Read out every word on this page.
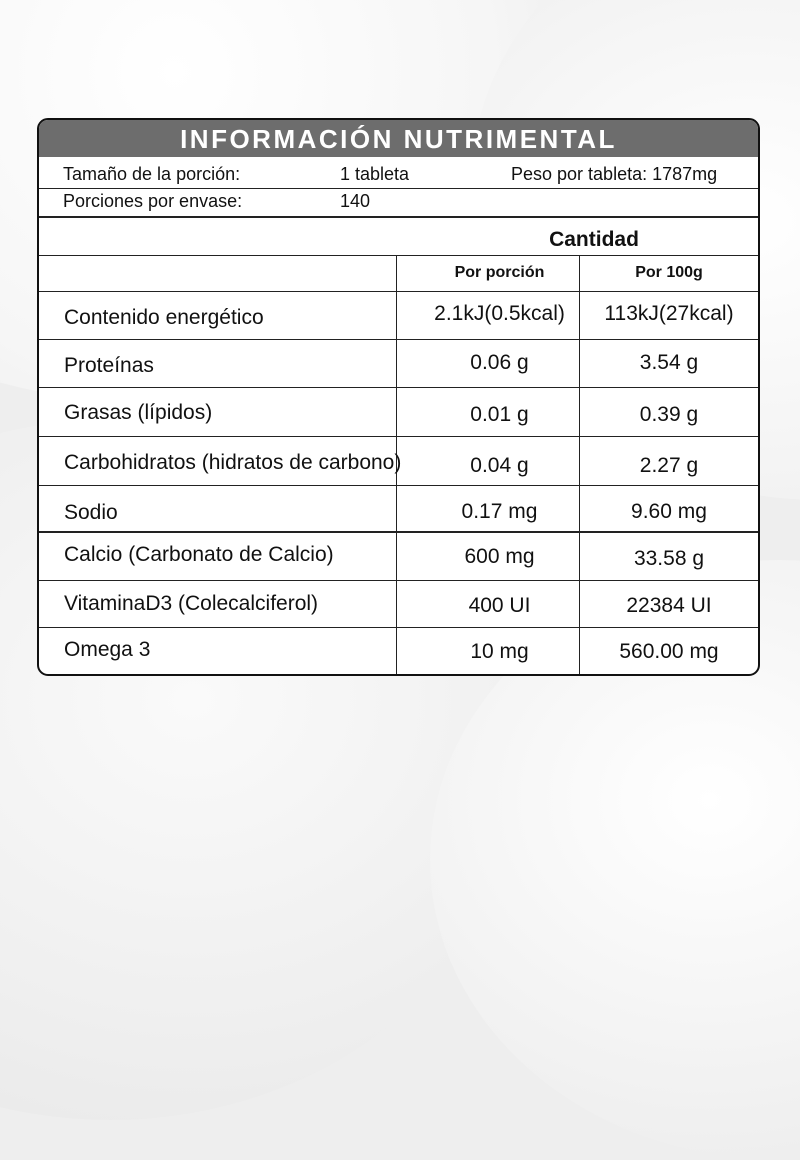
INFORMACIÓN NUTRIMENTAL
Tamaño de la porción:	1 tableta	Peso por tableta: 1787mg
Porciones por envase:	140
Cantidad
Por porción	Por 100g
Contenido energético	2.1kJ(0.5kcal)	113kJ(27kcal)
Proteínas	0.06 g	3.54 g
Grasas (lípidos)	0.01 g	0.39 g
Carbohidratos (hidratos de carbono)	0.04 g	2.27 g
Sodio	0.17 mg	9.60 mg
Calcio (Carbonato de Calcio)	600 mg	33.58 g
VitaminaD3 (Colecalciferol)	400 UI	22384 UI
Omega 3	10 mg	560.00 mg
